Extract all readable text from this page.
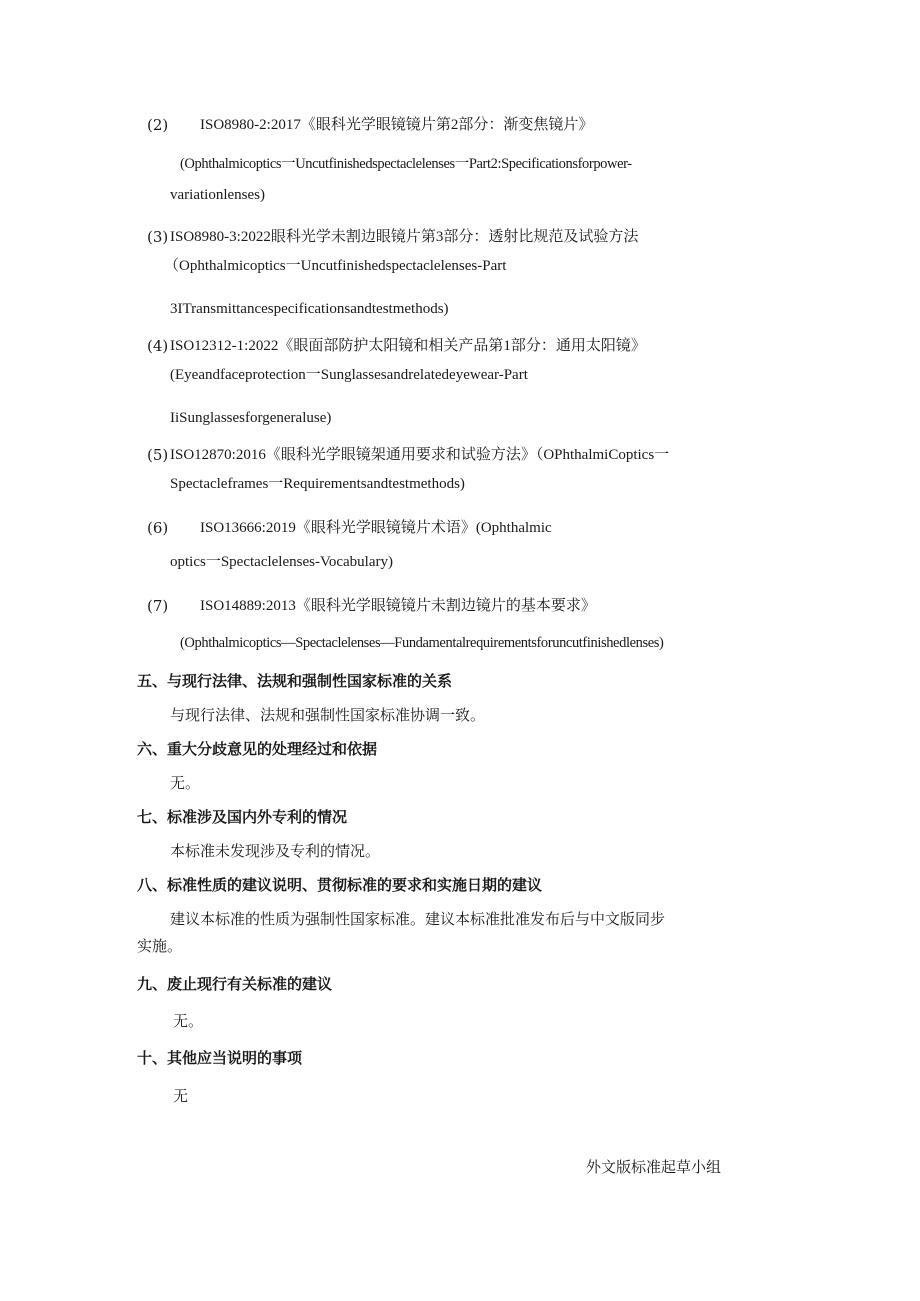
(2) ISO8980-2:2017《眼科光学眼镜镜片第2部分：渐变焦镜片》
(Ophthalmicoptics一Uncutfinishedspectaclelenses一Part2:Specificationsforpower-
variationlenses)
(3) ISO8980-3:2022眼科光学未割边眼镜片第3部分：透射比规范及试验方法
（Ophthalmicoptics一Uncutfinishedspectaclelenses-Part
3ITransmittancespecificationsandtestmethods)
(4) ISO12312-1:2022《眼面部防护太阳镜和相关产品第1部分：通用太阳镜》
(Eyeandfaceprotection一Sunglassesandrelatedeyewear-Part
IiSunglassesforgeneraluse)
(5) ISO12870:2016《眼科光学眼镜架通用要求和试验方法》（OPhthalmiCoptics一
Spectacleframes一Requirementsandtestmethods)
(6) ISO13666:2019《眼科光学眼镜镜片术语》(Ophthalmic
optics一Spectaclelenses-Vocabulary)
(7) ISO14889:2013《眼科光学眼镜镜片未割边镜片的基本要求》
(Ophthalmicoptics—Spectaclelenses—Fundamentalrequirementsforuncutfinishedlenses)
五、与现行法律、法规和强制性国家标准的关系
与现行法律、法规和强制性国家标准协调一致。
六、重大分歧意见的处理经过和依据
无。
七、标准涉及国内外专利的情况
本标准未发现涉及专利的情况。
八、标准性质的建议说明、贯彻标准的要求和实施日期的建议
建议本标准的性质为强制性国家标准。建议本标准批准发布后与中文版同步
实施。
九、废止现行有关标准的建议
无。
十、其他应当说明的事项
无
外文版标准起草小组
